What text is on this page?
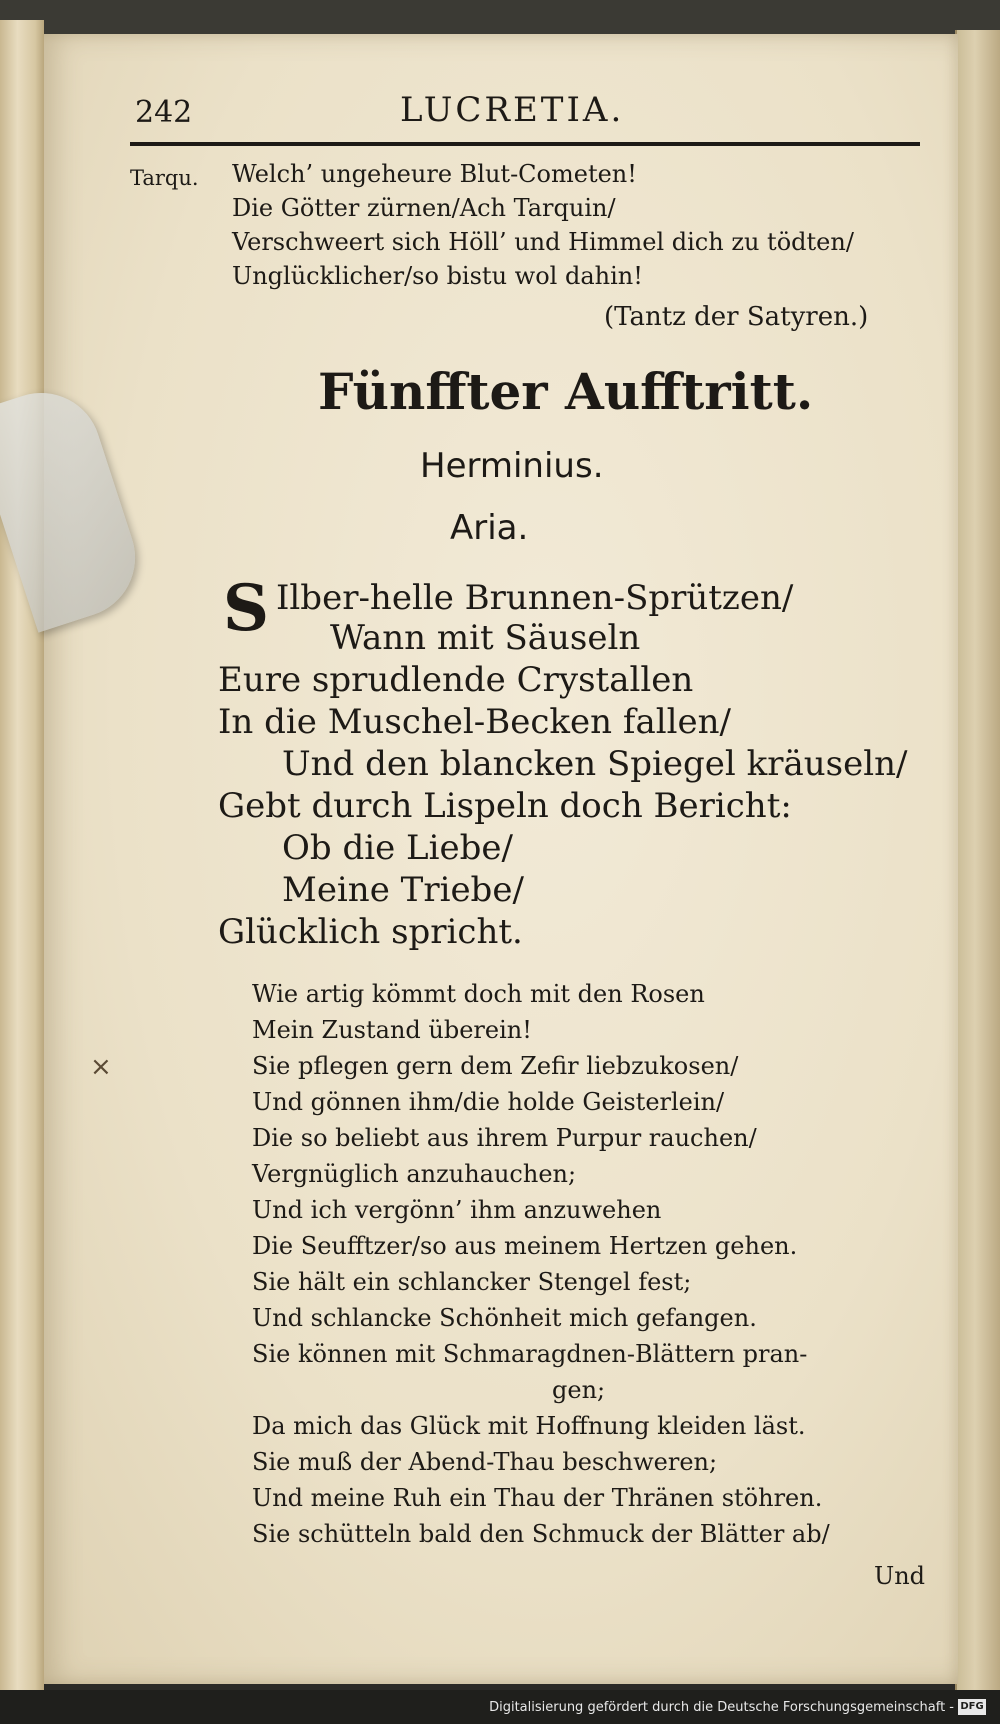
242	LUCRETIA.
Tarqu. Welch’ ungeheure Blut-Cometen!
Die Götter zürnen/Ach Tarquin/
Verschweert sich Höll’ und Himmel dich zu tödten/
Unglücklicher/so bistu wol dahin!
(Tantz der Satyren.)
Fünffter Aufftritt.
Herminius.
Aria.
S Ilber-helle Brunnen-Sprützen/
Wann mit Säuseln
Eure sprudlende Crystallen
In die Muschel-Becken fallen/
Und den blancken Spiegel kräuseln/
Gebt durch Lispeln doch Bericht:
Ob die Liebe/
Meine Triebe/
Glücklich spricht.
Wie artig kömmt doch mit den Rosen
Mein Zustand überein!
Sie pflegen gern dem Zefir liebzukosen/
Und gönnen ihm/die holde Geisterlein/
Die so beliebt aus ihrem Purpur rauchen/
Vergnüglich anzuhauchen;
Und ich vergönn’ ihm anzuwehen
Die Seufftzer/so aus meinem Hertzen gehen.
Sie hält ein schlancker Stengel fest;
Und schlancke Schönheit mich gefangen.
Sie können mit Schmaragdnen-Blättern pran-
gen;
Da mich das Glück mit Hoffnung kleiden läst.
Sie muß der Abend-Thau beschweren;
Und meine Ruh ein Thau der Thränen stöhren.
Sie schütteln bald den Schmuck der Blätter ab/
Und
×
Digitalisierung gefördert durch die Deutsche Forschungsgemeinschaft - DFG
